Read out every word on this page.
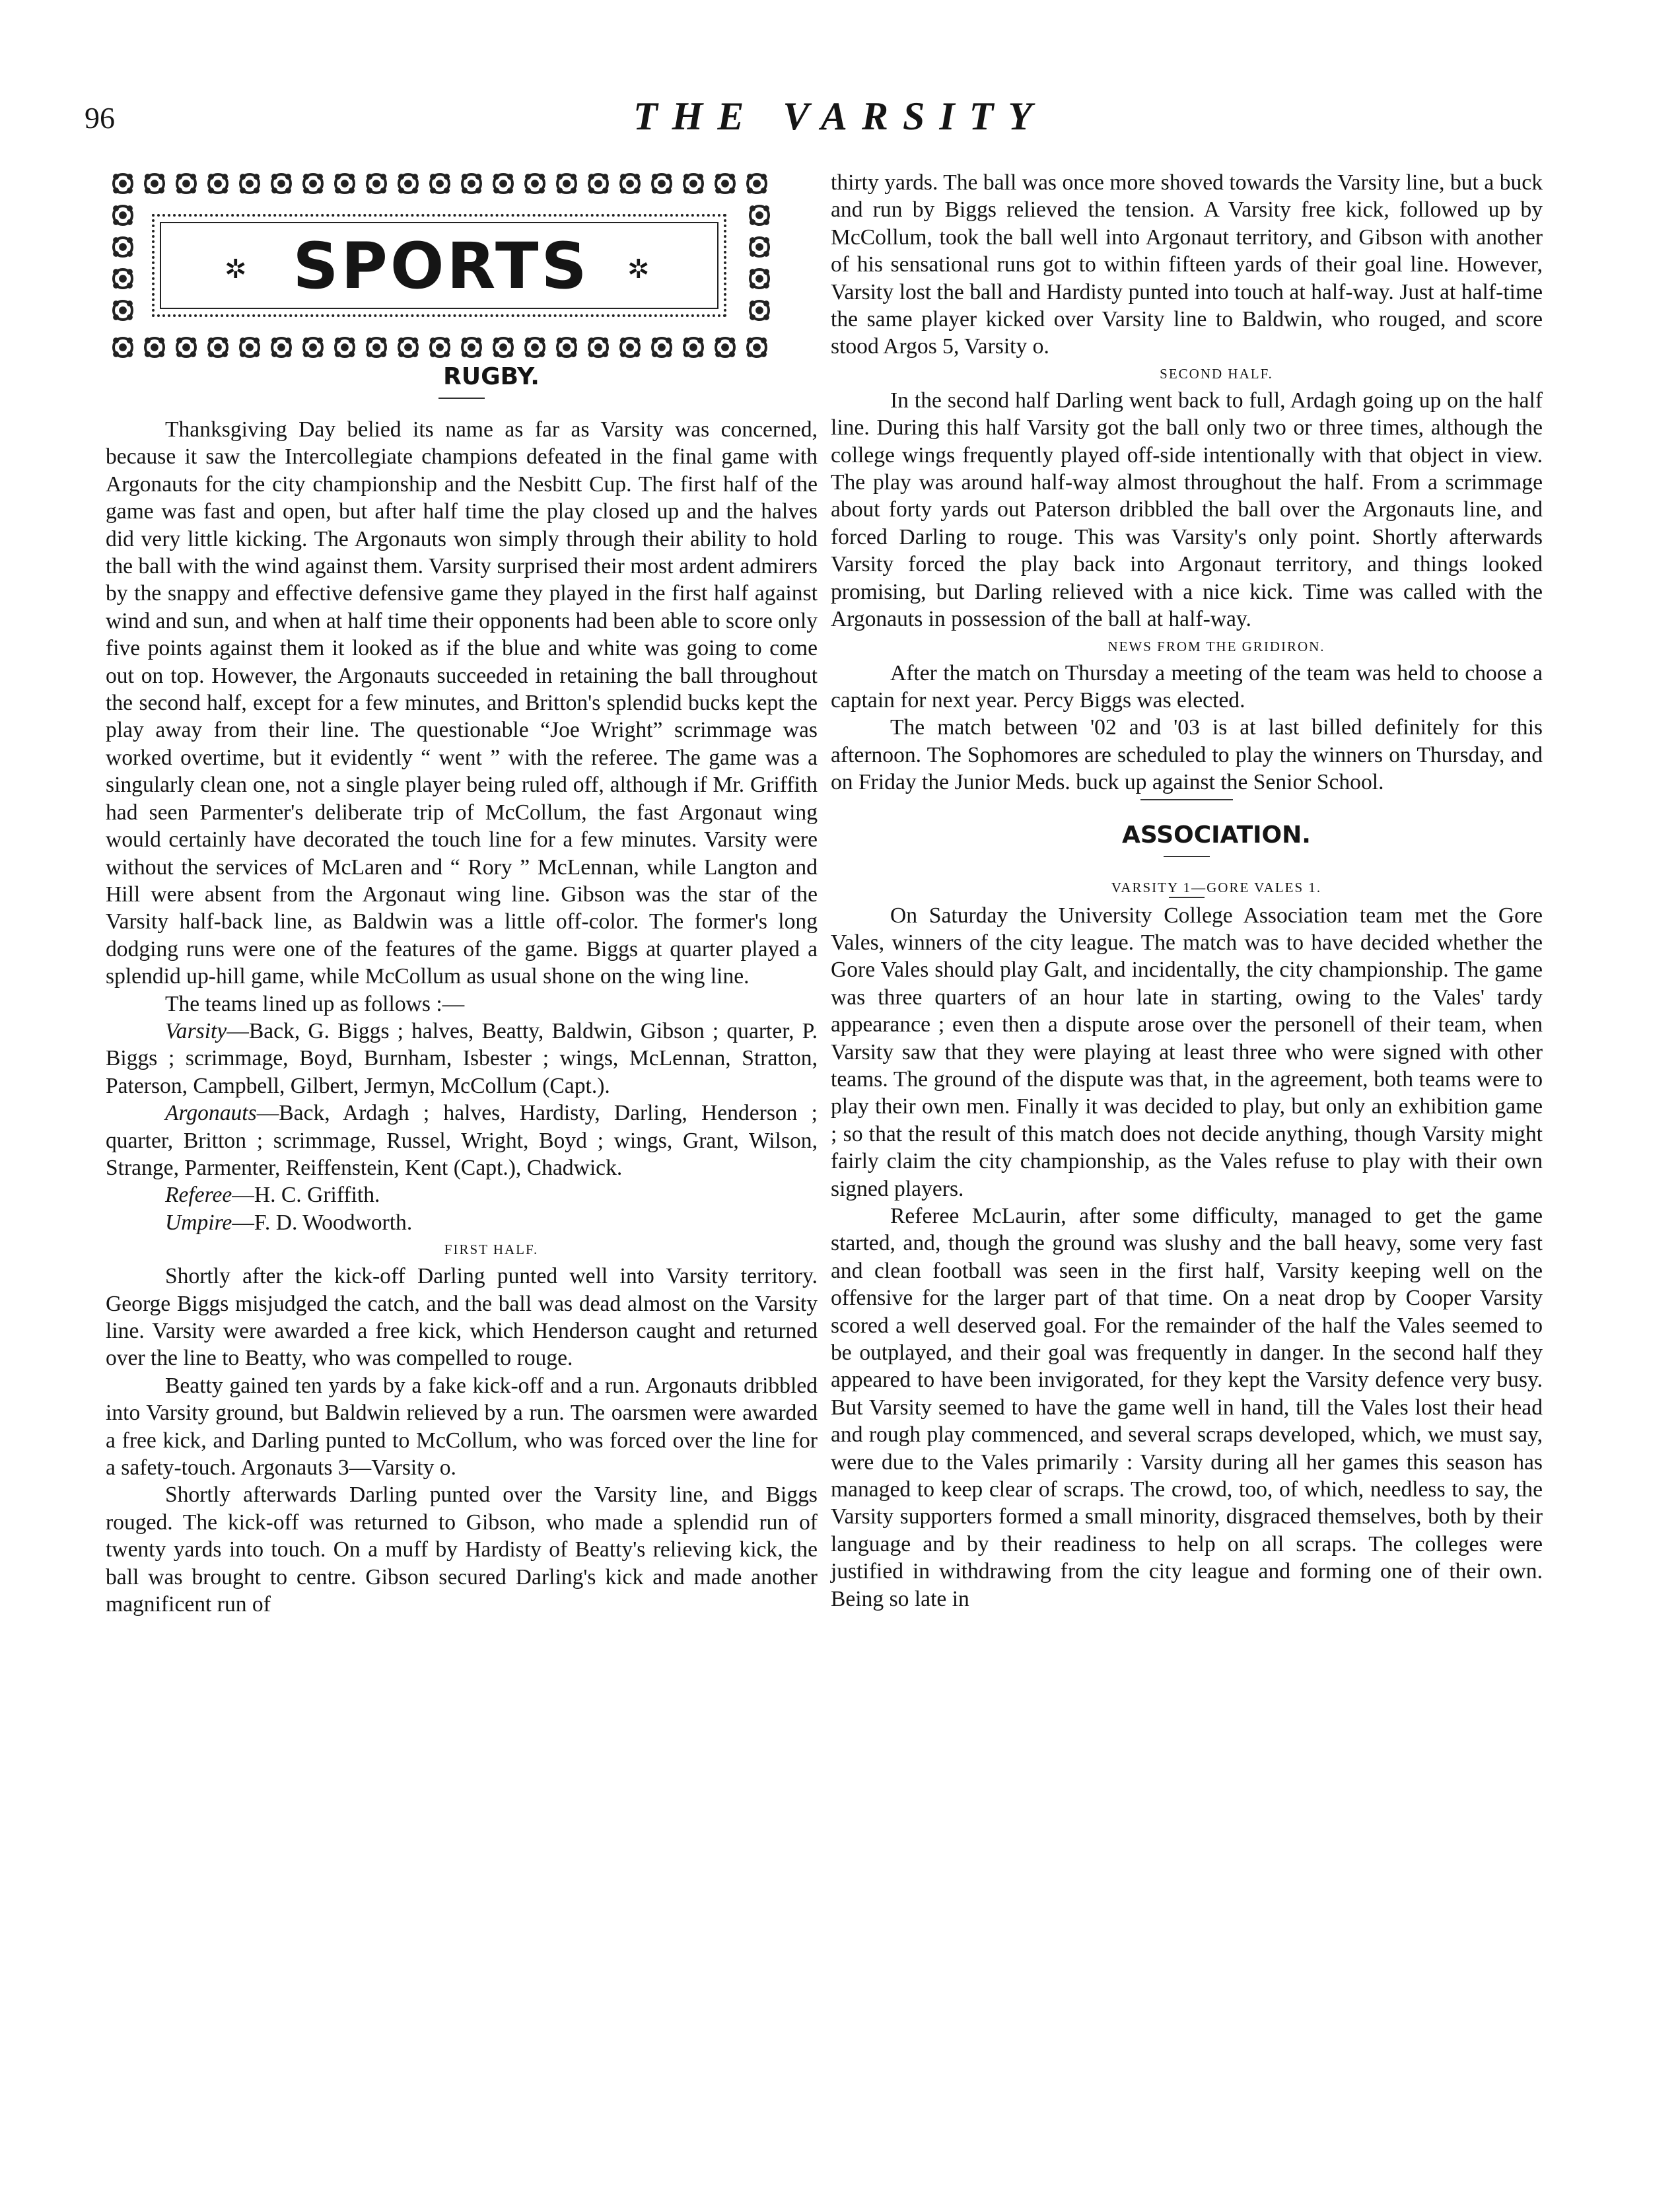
96	THE VARSITY
✲ SPORTS	✲

RUGBY.

Thanksgiving Day belied its name as far as Varsity was concerned, because it saw the Intercollegiate champions defeated in the final game with Argonauts for the city championship and the Nesbitt Cup. The first half of the game was fast and open, but after half time the play closed up and the halves did very little kicking. The Argonauts won simply through their ability to hold the ball with the wind against them. Varsity surprised their most ardent admirers by the snappy and effective defensive game they played in the first half against wind and sun, and when at half time their opponents had been able to score only five points against them it looked as if the blue and white was going to come out on top. However, the Argonauts succeeded in retaining the ball throughout the second half, except for a few minutes, and Britton's splendid bucks kept the play away from their line. The questionable “Joe Wright” scrimmage was worked overtime, but it evidently “ went ” with the referee. The game was a singularly clean one, not a single player being ruled off, although if Mr. Griffith had seen Parmenter's deliberate trip of McCollum, the fast Argonaut wing would certainly have decorated the touch line for a few minutes. Varsity were without the services of McLaren and “ Rory ” McLennan, while Langton and Hill were absent from the Argonaut wing line. Gibson was the star of the Varsity half-back line, as Baldwin was a little off-color. The former's long dodging runs were one of the features of the game. Biggs at quarter played a splendid up-hill game, while McCollum as usual shone on the wing line.

The teams lined up as follows :—

Varsity—Back, G. Biggs ; halves, Beatty, Baldwin, Gibson ; quarter, P. Biggs ; scrimmage, Boyd, Burnham, Isbester ; wings, McLennan, Stratton, Paterson, Campbell, Gilbert, Jermyn, McCollum (Capt.).

Argonauts—Back, Ardagh ; halves, Hardisty, Darling, Henderson ; quarter, Britton ; scrimmage, Russel, Wright, Boyd ; wings, Grant, Wilson, Strange, Parmenter, Reiffenstein, Kent (Capt.), Chadwick.

Referee—H. C. Griffith.

Umpire—F. D. Woodworth.

FIRST HALF.

Shortly after the kick-off Darling punted well into Varsity territory. George Biggs misjudged the catch, and the ball was dead almost on the Varsity line. Varsity were awarded a free kick, which Henderson caught and returned over the line to Beatty, who was compelled to rouge.

Beatty gained ten yards by a fake kick-off and a run. Argonauts dribbled into Varsity ground, but Baldwin relieved by a run. The oarsmen were awarded a free kick, and Darling punted to McCollum, who was forced over the line for a safety-touch. Argonauts 3—Varsity o.

Shortly afterwards Darling punted over the Varsity line, and Biggs rouged. The kick-off was returned to Gibson, who made a splendid run of twenty yards into touch. On a muff by Hardisty of Beatty's relieving kick, the ball was brought to centre. Gibson secured Darling's kick and made another magnificent run of

thirty yards. The ball was once more shoved towards the Varsity line, but a buck and run by Biggs relieved the tension. A Varsity free kick, followed up by McCollum, took the ball well into Argonaut territory, and Gibson with another of his sensational runs got to within fifteen yards of their goal line. However, Varsity lost the ball and Hardisty punted into touch at half-way. Just at half-time the same player kicked over Varsity line to Baldwin, who rouged, and score stood Argos 5, Varsity o.

SECOND HALF.

In the second half Darling went back to full, Ardagh going up on the half line. During this half Varsity got the ball only two or three times, although the college wings frequently played off-side intentionally with that object in view. The play was around half-way almost throughout the half. From a scrimmage about forty yards out Paterson dribbled the ball over the Argonauts line, and forced Darling to rouge. This was Varsity's only point. Shortly afterwards Varsity forced the play back into Argonaut territory, and things looked promising, but Darling relieved with a nice kick. Time was called with the Argonauts in possession of the ball at half-way.

NEWS FROM THE GRIDIRON.

After the match on Thursday a meeting of the team was held to choose a captain for next year. Percy Biggs was elected.

The match between '02 and '03 is at last billed definitely for this afternoon. The Sophomores are scheduled to play the winners on Thursday, and on Friday the Junior Meds. buck up against the Senior School.

ASSOCIATION.

VARSITY 1—GORE VALES 1.

On Saturday the University College Association team met the Gore Vales, winners of the city league. The match was to have decided whether the Gore Vales should play Galt, and incidentally, the city championship. The game was three quarters of an hour late in starting, owing to the Vales' tardy appearance ; even then a dispute arose over the personell of their team, when Varsity saw that they were playing at least three who were signed with other teams. The ground of the dispute was that, in the agreement, both teams were to play their own men. Finally it was decided to play, but only an exhibition game ; so that the result of this match does not decide anything, though Varsity might fairly claim the city championship, as the Vales refuse to play with their own signed players.

Referee McLaurin, after some difficulty, managed to get the game started, and, though the ground was slushy and the ball heavy, some very fast and clean football was seen in the first half, Varsity keeping well on the offensive for the larger part of that time. On a neat drop by Cooper Varsity scored a well deserved goal. For the remainder of the half the Vales seemed to be outplayed, and their goal was frequently in danger. In the second half they appeared to have been invigorated, for they kept the Varsity defence very busy. But Varsity seemed to have the game well in hand, till the Vales lost their head and rough play commenced, and several scraps developed, which, we must say, were due to the Vales primarily : Varsity during all her games this season has managed to keep clear of scraps. The crowd, too, of which, needless to say, the Varsity supporters formed a small minority, disgraced themselves, both by their language and by their readiness to help on all scraps. The colleges were justified in withdrawing from the city league and forming one of their own. Being so late in
